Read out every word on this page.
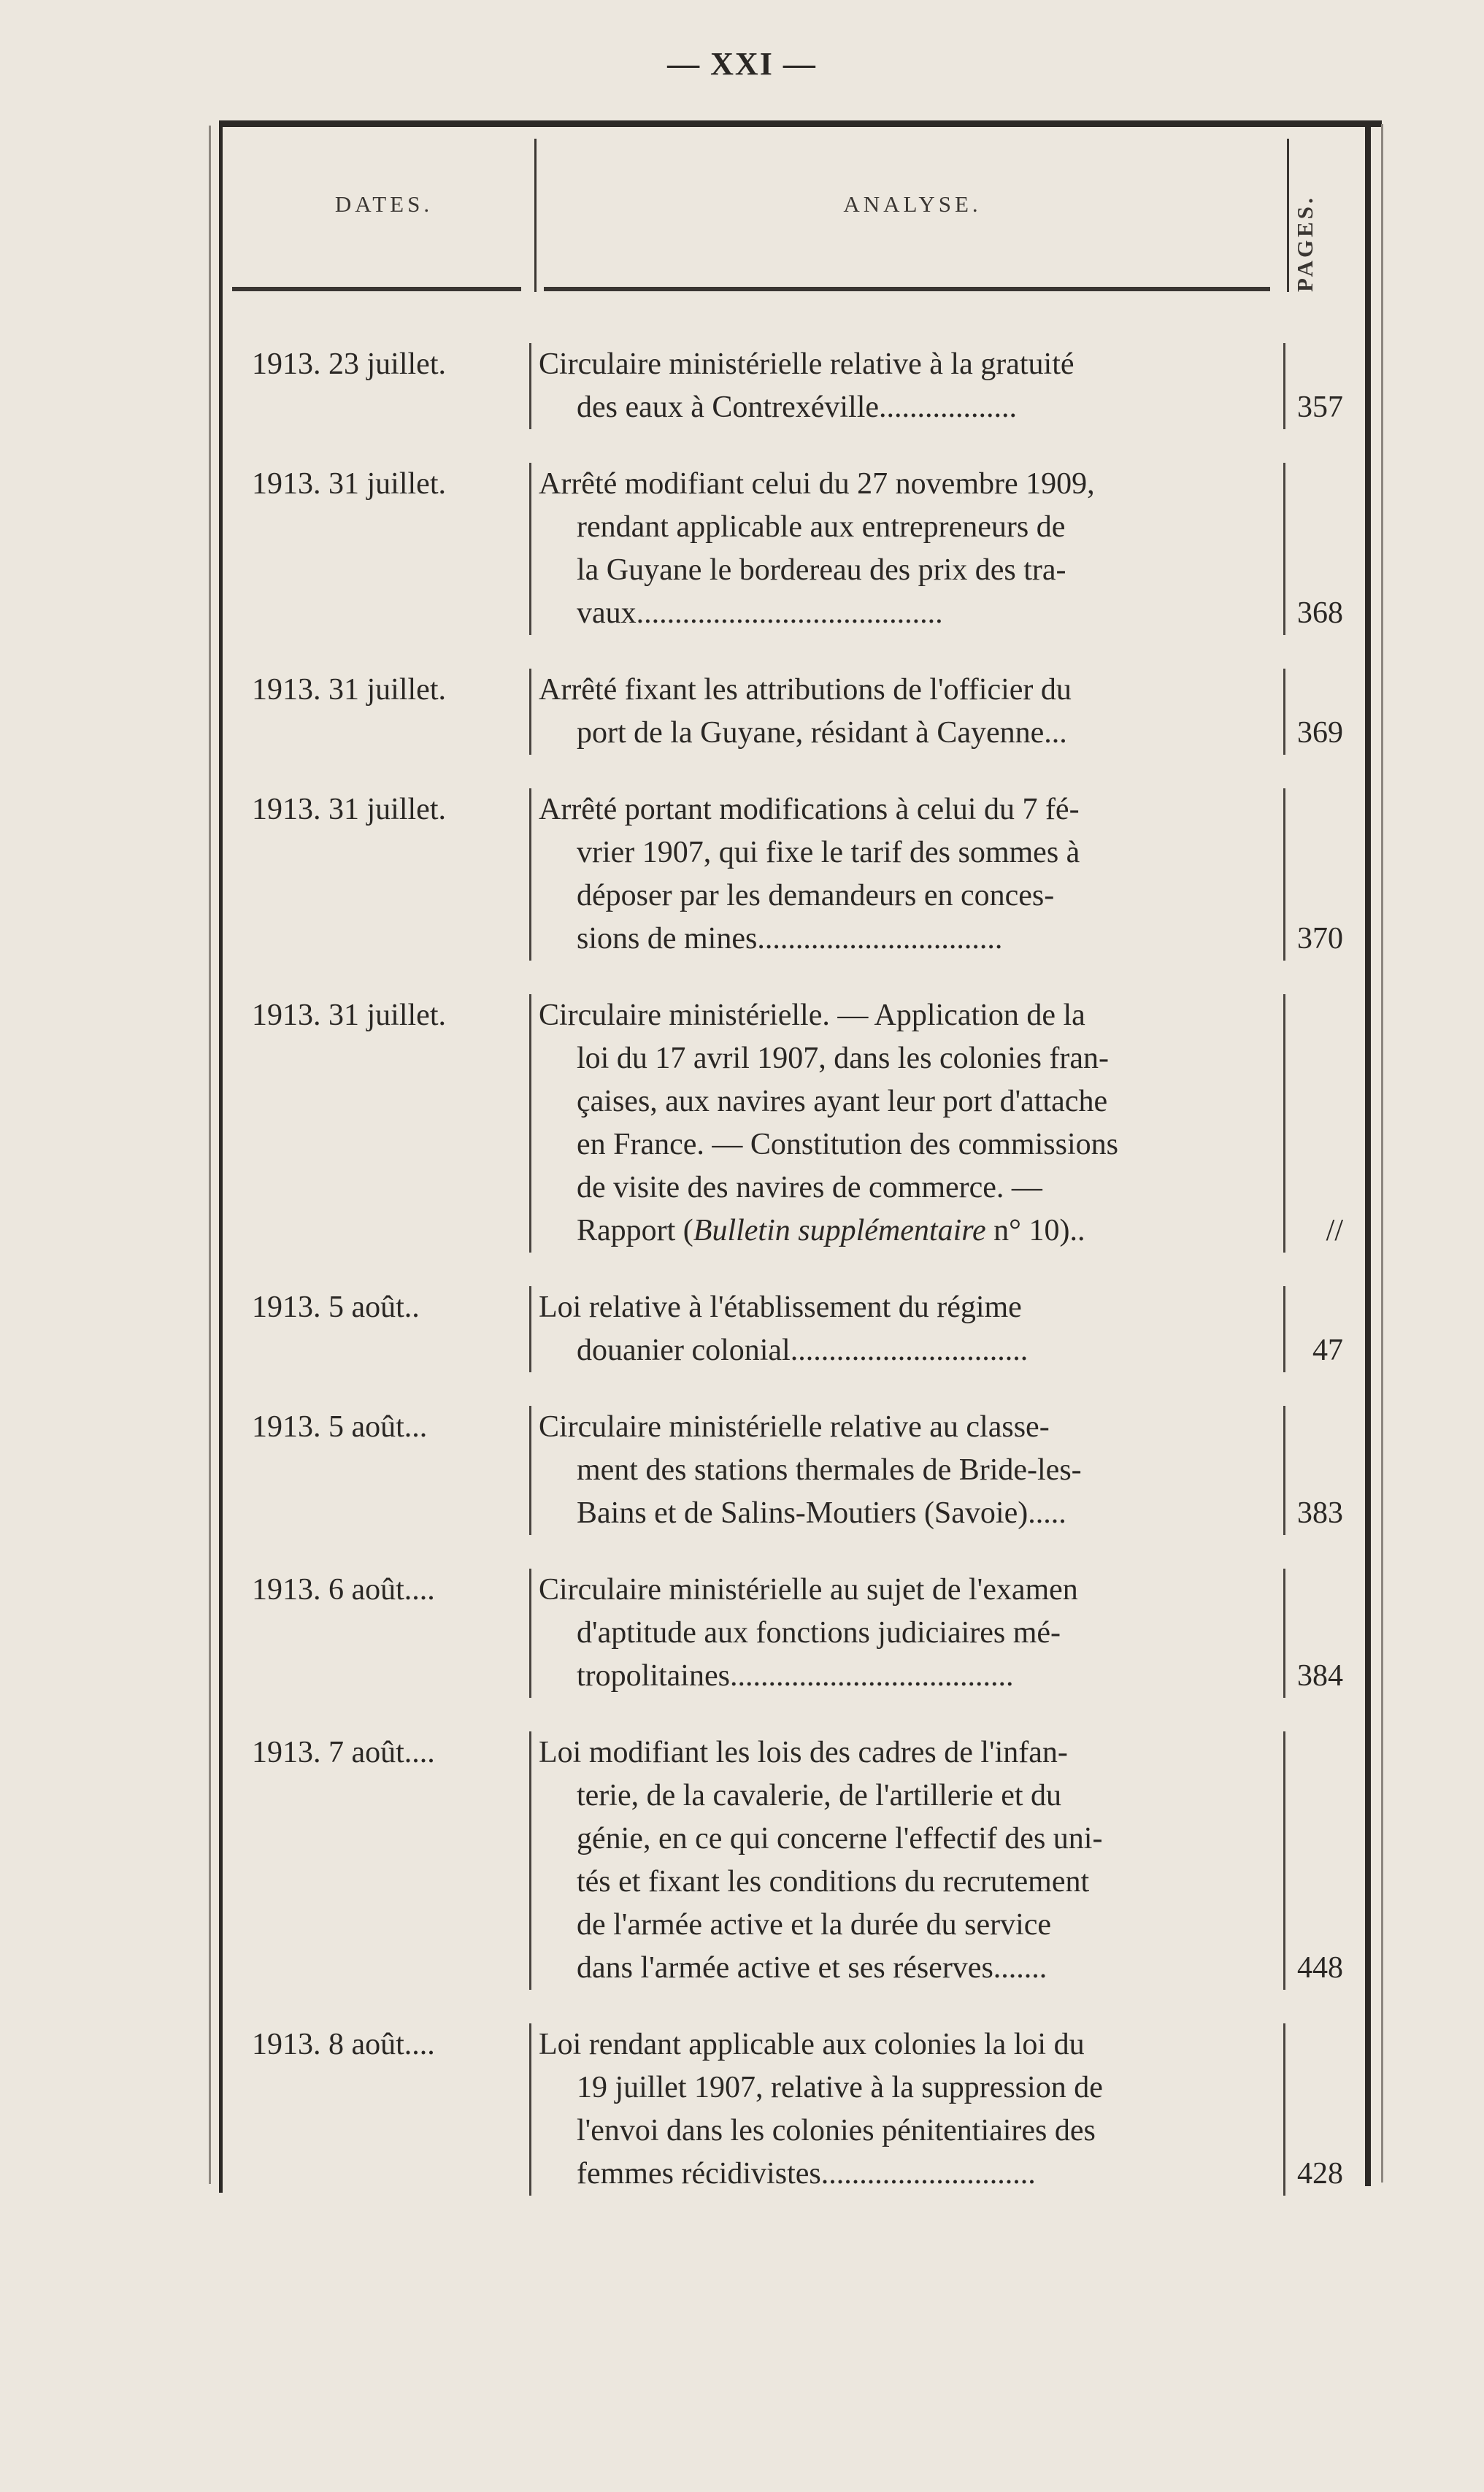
— XXI —
DATES.	ANALYSE.	PAGES.
1913. 23 juillet.	Circulaire ministérielle relative à la gratuité
des eaux à Contrexéville..................	357
1913. 31 juillet.	Arrêté modifiant celui du 27 novembre 1909,
rendant applicable aux entrepreneurs de
la Guyane le bordereau des prix des tra-
vaux........................................	368
1913. 31 juillet.	Arrêté fixant les attributions de l'officier du
port de la Guyane, résidant à Cayenne...	369
1913. 31 juillet.	Arrêté portant modifications à celui du 7 fé-
vrier 1907, qui fixe le tarif des sommes à
déposer par les demandeurs en conces-
sions de mines................................	370
1913. 31 juillet.	Circulaire ministérielle. — Application de la
loi du 17 avril 1907, dans les colonies fran-
çaises, aux navires ayant leur port d'attache
en France. — Constitution des commissions
de visite des navires de commerce. —
Rapport (Bulletin supplémentaire n° 10)..	//
1913. 5 août..	Loi relative à l'établissement du régime
douanier colonial...............................	47
1913. 5 août...	Circulaire ministérielle relative au classe-
ment des stations thermales de Bride-les-
Bains et de Salins-Moutiers (Savoie).....	383
1913. 6 août....	Circulaire ministérielle au sujet de l'examen
d'aptitude aux fonctions judiciaires mé-
tropolitaines.....................................	384
1913. 7 août....	Loi modifiant les lois des cadres de l'infan-
terie, de la cavalerie, de l'artillerie et du
génie, en ce qui concerne l'effectif des uni-
tés et fixant les conditions du recrutement
de l'armée active et la durée du service
dans l'armée active et ses réserves.......	448
1913. 8 août....	Loi rendant applicable aux colonies la loi du
19 juillet 1907, relative à la suppression de
l'envoi dans les colonies pénitentiaires des
femmes récidivistes............................	428
